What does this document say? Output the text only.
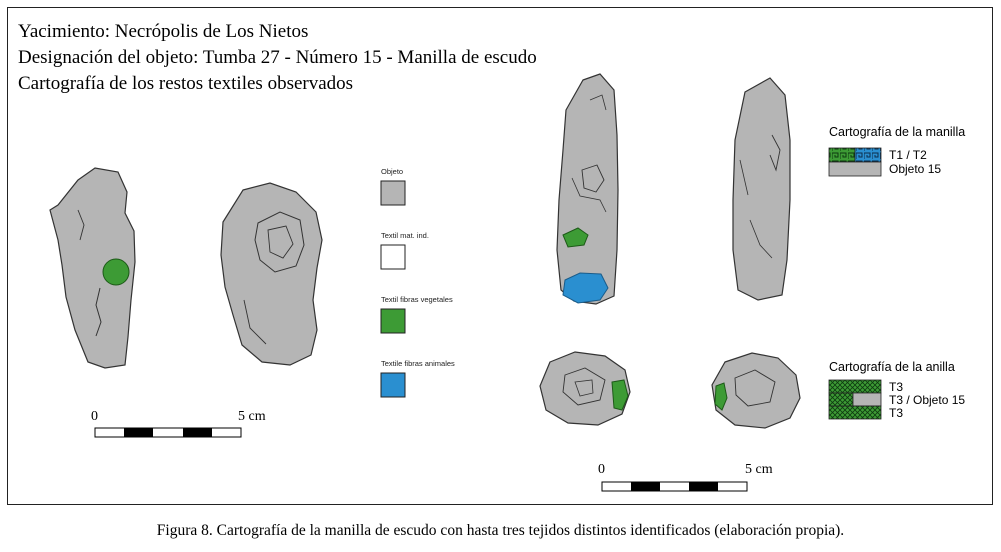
Yacimiento: Necrópolis de Los Nietos
Designación del objeto: Tumba 27 - Número 15 - Manilla de escudo
Cartografía de los restos textiles observados
Objeto
Textil mat. ind.
Textil fibras vegetales
Textile fibras animales
Cartografía de la manilla
T1 / T2
Objeto 15
Cartografía de la anilla
T3
T3 / Objeto 15
T3
0	5 cm
0	5 cm
Figura 8. Cartografía de la manilla de escudo con hasta tres tejidos distintos identificados (elaboración propia).
